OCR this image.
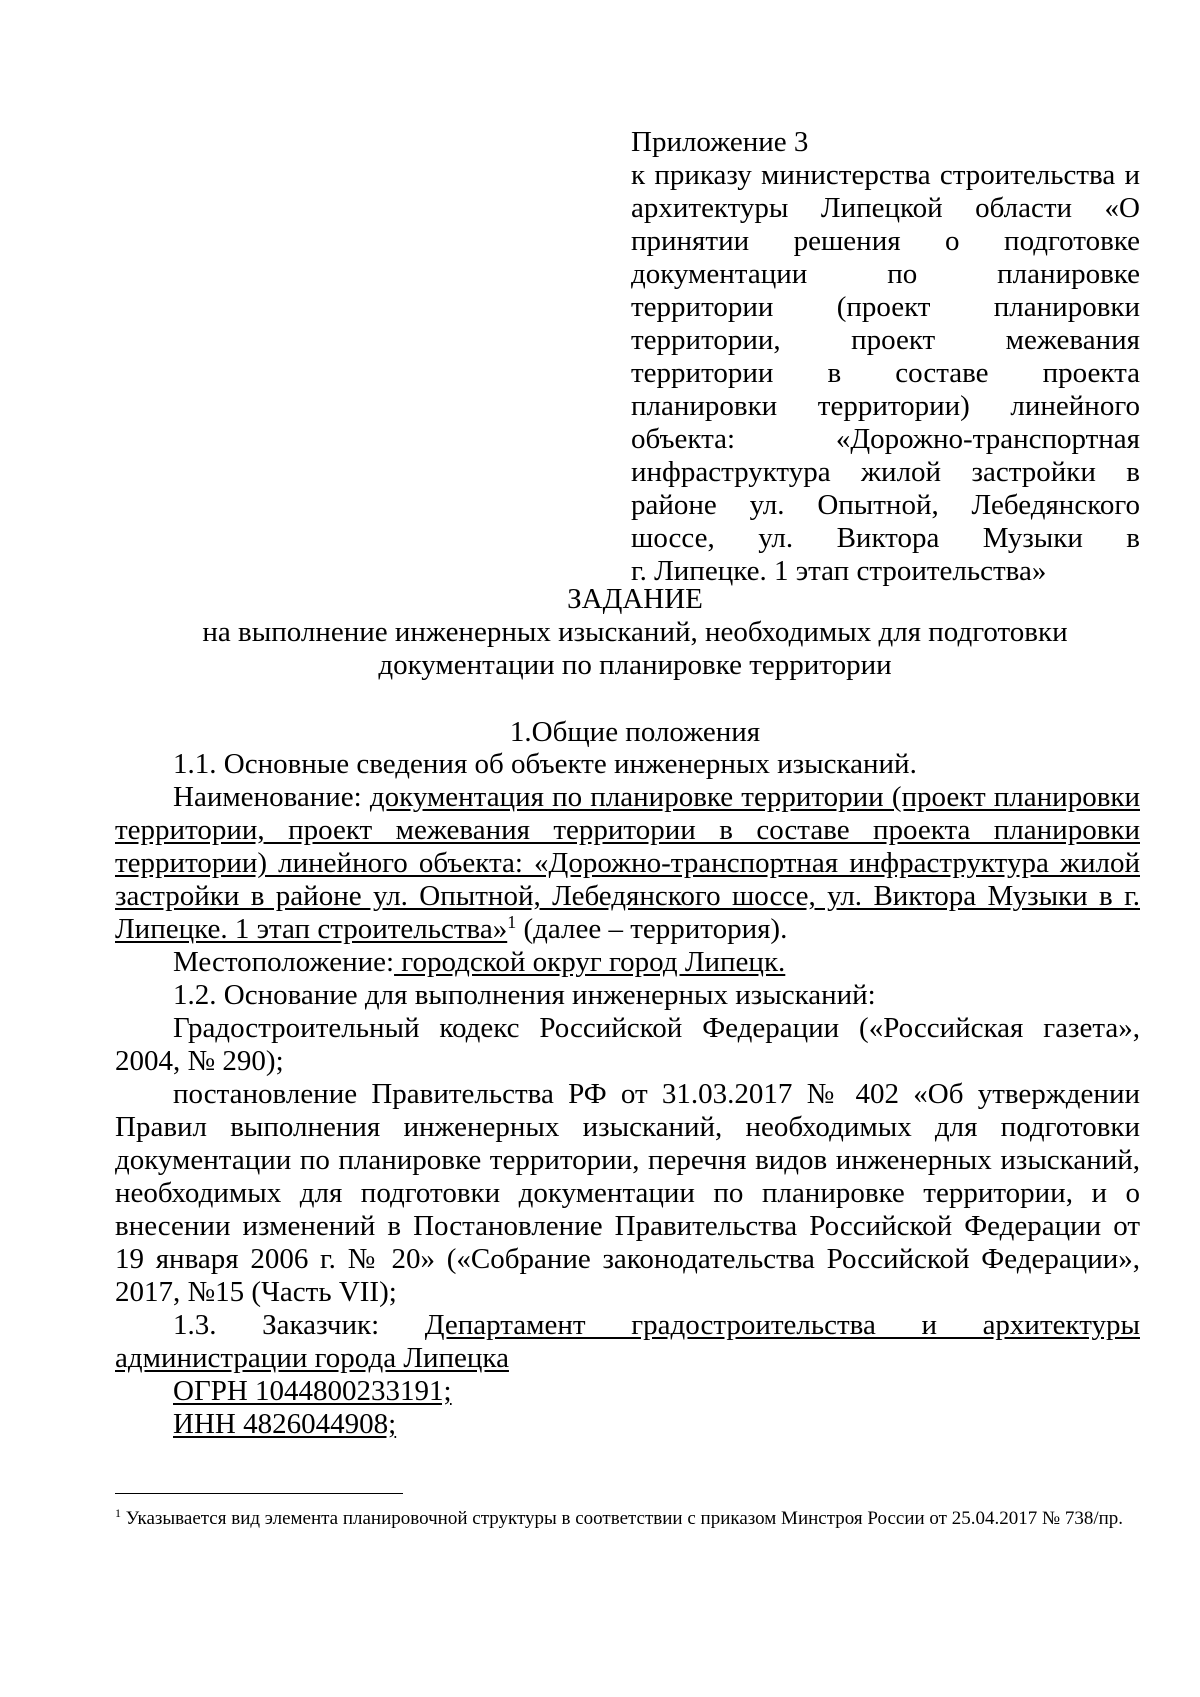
Приложение 3
к приказу министерства строительства и архитектуры Липецкой области «О принятии решения о подготовке документации по планировке территории (проект планировки территории, проект межевания территории в составе проекта планировки территории) линейного объекта: «Дорожно-транспортная инфраструктура жилой застройки в районе ул. Опытной, Лебедянского шоссе, ул. Виктора Музыки в
г. Липецке. 1 этап строительства»
ЗАДАНИЕ
на выполнение инженерных изысканий, необходимых для подготовки
документации по планировке территории
1.Общие положения

1.1. Основные сведения об объекте инженерных изысканий.

Наименование: документация по планировке территории (проект планировки территории, проект межевания территории в составе проекта планировки территории) линейного объекта: «Дорожно-транспортная инфраструктура жилой застройки в районе ул. Опытной, Лебедянского шоссе, ул. Виктора Музыки в г. Липецке. 1 этап строительства»$^1$ (далее – территория).

Местоположение: городской округ город Липецк.

1.2. Основание для выполнения инженерных изысканий:

Градостроительный кодекс Российской Федерации («Российская газета», 2004, № 290);

постановление Правительства РФ от 31.03.2017 № 402 «Об утверждении Правил выполнения инженерных изысканий, необходимых для подготовки документации по планировке территории, перечня видов инженерных изысканий, необходимых для подготовки документации по планировке территории, и о внесении изменений в Постановление Правительства Российской Федерации от 19 января 2006 г. № 20» («Собрание законодательства Российской Федерации», 2017, №15 (Часть VII);

1.3. Заказчик: Департамент градостроительства и архитектуры администрации города Липецка

ОГРН 1044800233191;

ИНН 4826044908;

$^1$ Указывается вид элемента планировочной структуры в соответствии с приказом Минстроя России от 25.04.2017 № 738/пр.
